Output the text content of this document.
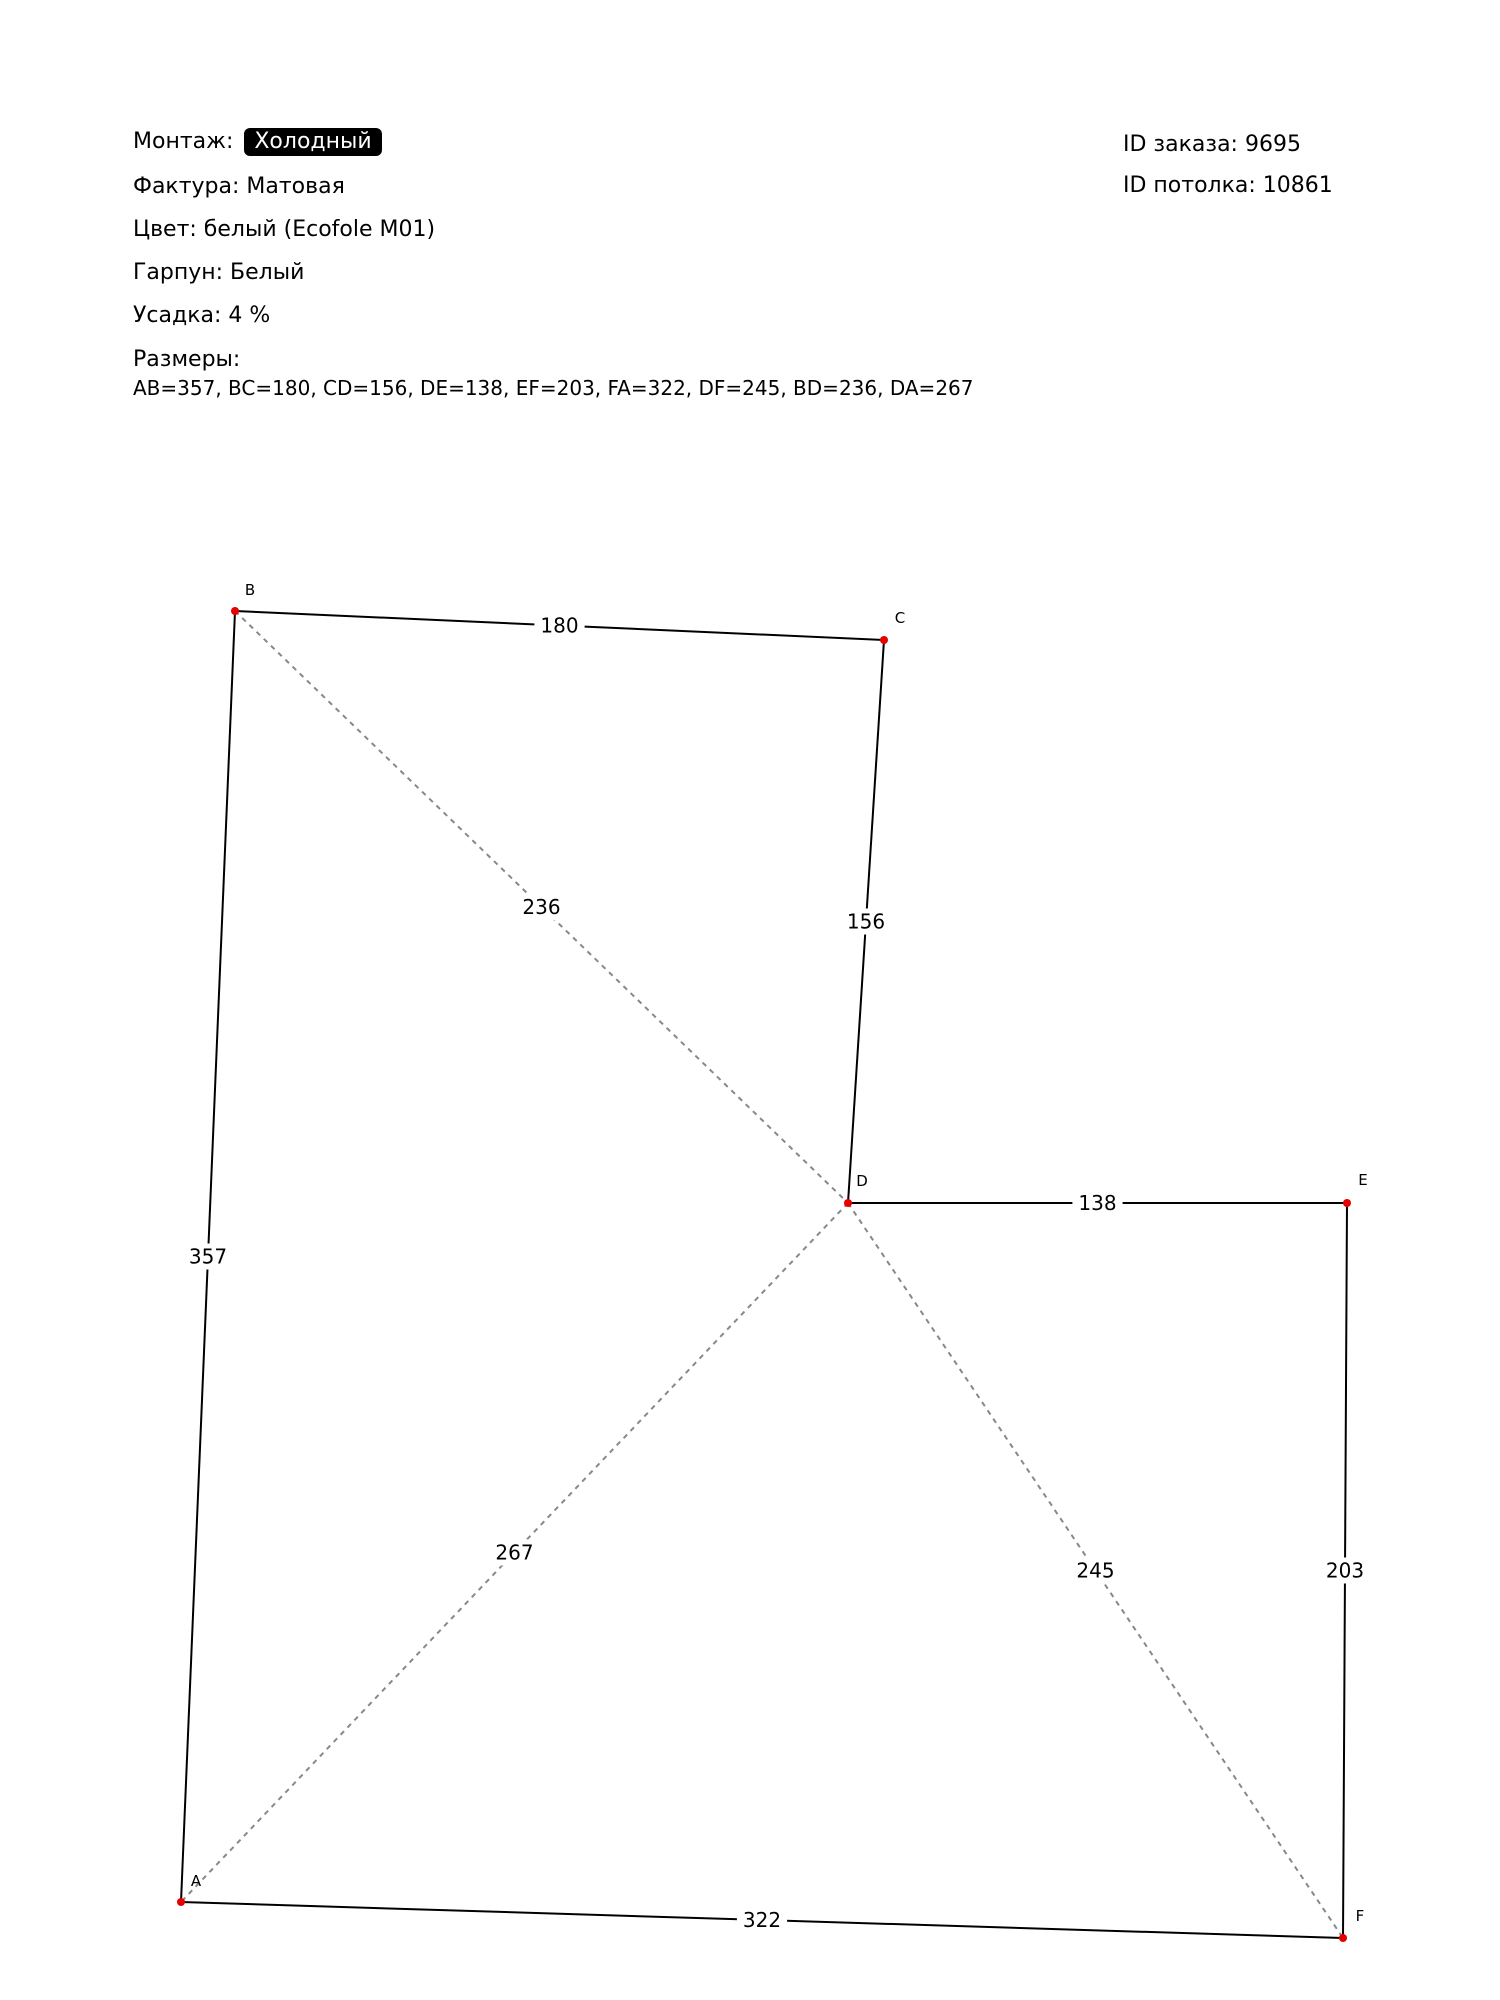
Монтаж: Холодный
Фактура: Матовая
Цвет: белый (Ecofole M01)
Гарпун: Белый
Усадка: 4 %
Размеры:
AB=357, BC=180, CD=156, DE=138, EF=203, FA=322, DF=245, BD=236, DA=267
ID заказа: 9695
ID потолка: 10861
357
180
156
138
203
322
236
267
245
A
B
C
D	E
F
